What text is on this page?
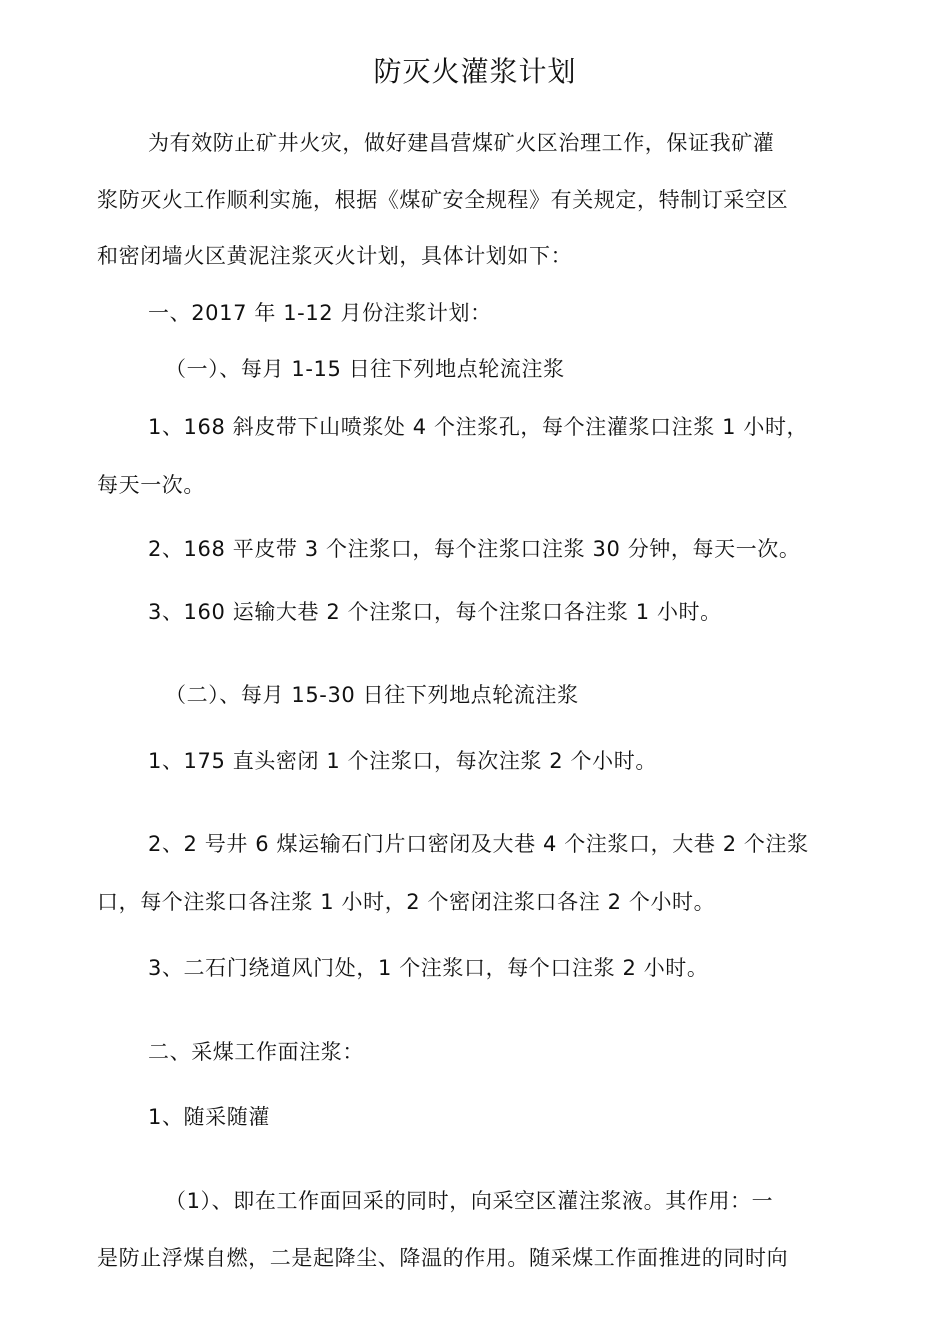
防灭火灌浆计划
为有效防止矿井火灾，做好建昌营煤矿火区治理工作，保证我矿灌
浆防灭火工作顺利实施，根据《煤矿安全规程》有关规定，特制订采空区
和密闭墙火区黄泥注浆灭火计划，具体计划如下：
一、2017 年 1-12 月份注浆计划：
（一）、每月 1-15 日往下列地点轮流注浆
1、168 斜皮带下山喷浆处 4 个注浆孔，每个注灌浆口注浆 1 小时，
每天一次。
2、168 平皮带 3 个注浆口，每个注浆口注浆 30 分钟，每天一次。
3、160 运输大巷 2 个注浆口，每个注浆口各注浆 1 小时。
（二）、每月 15-30 日往下列地点轮流注浆
1、175 直头密闭 1 个注浆口，每次注浆 2 个小时。
2、2 号井 6 煤运输石门片口密闭及大巷 4 个注浆口，大巷 2 个注浆
口，每个注浆口各注浆 1 小时，2 个密闭注浆口各注 2 个小时。
3、二石门绕道风门处，1 个注浆口，每个口注浆 2 小时。
二、采煤工作面注浆：
1、随采随灌
（1）、即在工作面回采的同时，向采空区灌注浆液。其作用：一
是防止浮煤自燃，二是起降尘、降温的作用。随采煤工作面推进的同时向
